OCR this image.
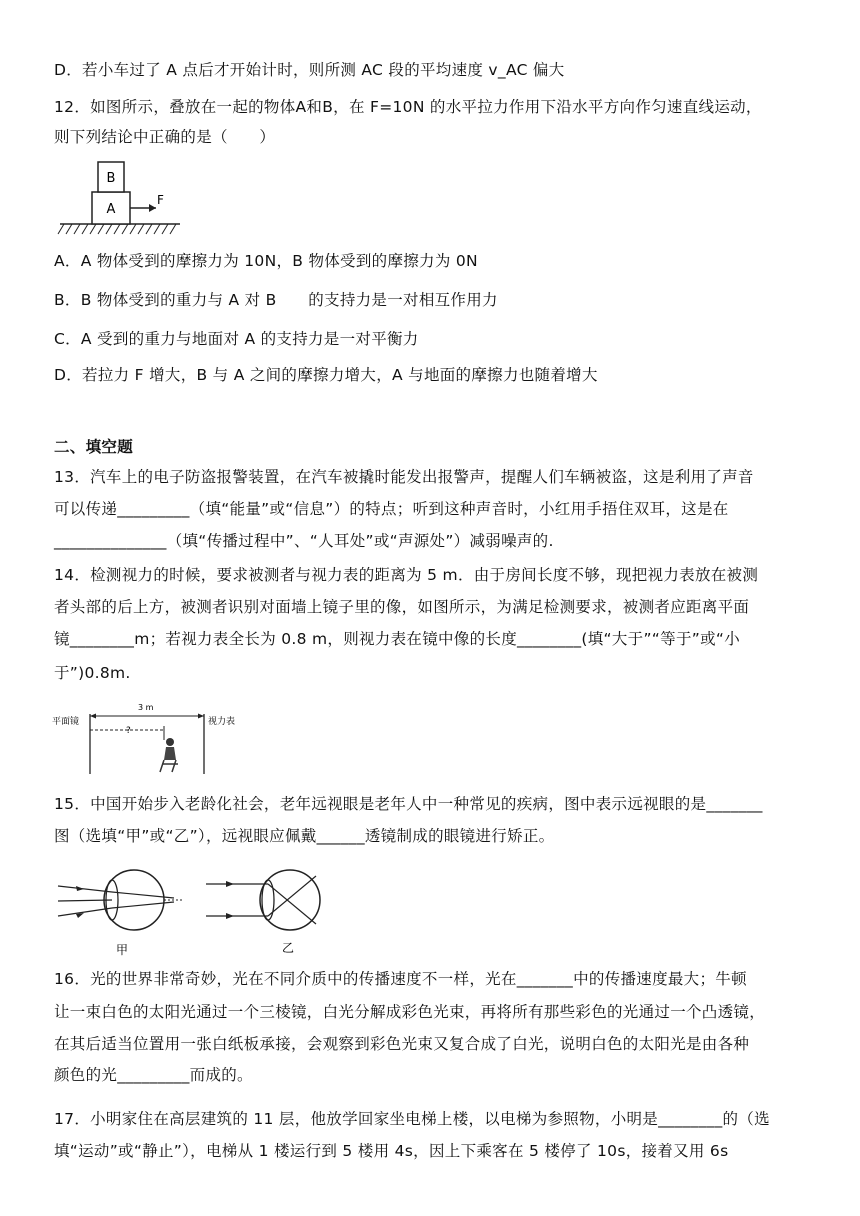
D．若小车过了 A 点后才开始计时，则所测 AC 段的平均速度 v_AC 偏大
12．如图所示，叠放在一起的物体A和B，在 F=10N 的水平拉力作用下沿水平方向作匀速直线运动，
则下列结论中正确的是（　　）
A
B
F
A．A 物体受到的摩擦力为 10N，B 物体受到的摩擦力为 0N
B．B 物体受到的重力与 A 对 B　　的支持力是一对相互作用力
C．A 受到的重力与地面对 A 的支持力是一对平衡力
D．若拉力 F 增大，B 与 A 之间的摩擦力增大，A 与地面的摩擦力也随着增大
二、填空题
13．汽车上的电子防盗报警装置，在汽车被撬时能发出报警声，提醒人们车辆被盗，这是利用了声音
可以传递_________（填“能量”或“信息”）的特点；听到这种声音时，小红用手捂住双耳，这是在
______________（填“传播过程中”、“人耳处”或“声源处”）减弱噪声的.
14．检测视力的时候，要求被测者与视力表的距离为 5 m．由于房间长度不够，现把视力表放在被测
者头部的后上方，被测者识别对面墙上镜子里的像，如图所示，为满足检测要求，被测者应距离平面
镜________m；若视力表全长为 0.8 m，则视力表在镜中像的长度________(填“大于”“等于”或“小
于”)0.8m.
平面镜	视力表
3 m
?
15．中国开始步入老龄化社会，老年远视眼是老年人中一种常见的疾病，图中表示远视眼的是_______
图（选填“甲”或“乙”），远视眼应佩戴______透镜制成的眼镜进行矫正。
甲	乙
16．光的世界非常奇妙，光在不同介质中的传播速度不一样，光在_______中的传播速度最大；牛顿
让一束白色的太阳光通过一个三棱镜，白光分解成彩色光束，再将所有那些彩色的光通过一个凸透镜，
在其后适当位置用一张白纸板承接，会观察到彩色光束又复合成了白光，说明白色的太阳光是由各种
颜色的光_________而成的。
17．小明家住在高层建筑的 11 层，他放学回家坐电梯上楼，以电梯为参照物，小明是________的（选
填“运动”或“静止”），电梯从 1 楼运行到 5 楼用 4s，因上下乘客在 5 楼停了 10s，接着又用 6s
